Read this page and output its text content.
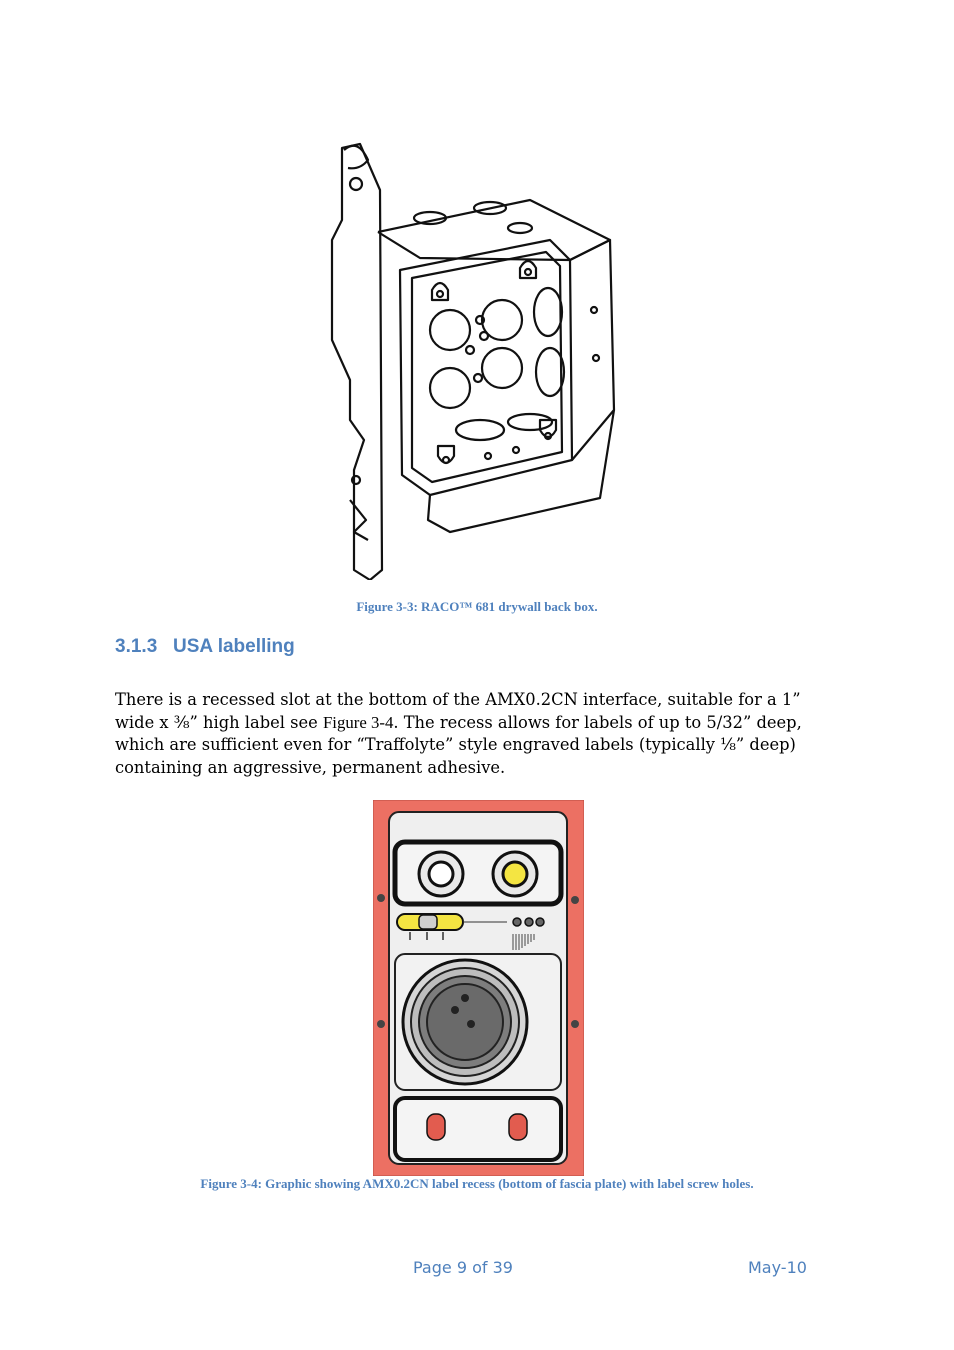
Figure 3-3: RACO™ 681 drywall back box.
3.1.3 USA labelling
There is a recessed slot at the bottom of the AMX0.2CN interface, suitable for a 1” wide x ⅜” high label see Figure 3-4. The recess allows for labels of up to 5/32” deep, which are sufficient even for “Traffolyte” style engraved labels (typically ⅛” deep) containing an aggressive, permanent adhesive.
Figure 3-4: Graphic showing AMX0.2CN label recess (bottom of fascia plate) with label screw holes.
Page 9 of 39	May-10
